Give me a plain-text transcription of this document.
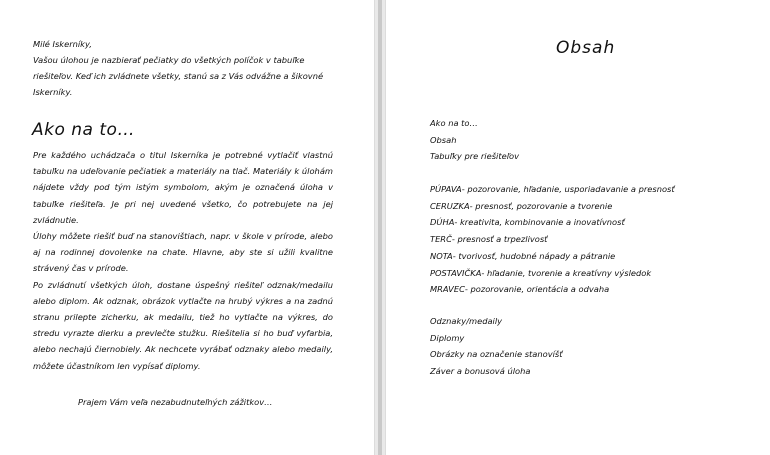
Milé Iskerníky,

Vašou úlohou je nazbierať pečiatky do všetkých políčok v tabuľke riešiteľov. Keď ich zvládnete všetky, stanú sa z Vás odvážne a šikovné Iskerníky.

Ako na to…

Pre každého uchádzača o titul Iskerníka je potrebné vytlačiť vlastnú tabuľku na udeľovanie pečiatiek a materiály na tlač. Materiály k úlohám nájdete vždy pod tým istým symbolom, akým je označená úloha v tabuľke riešiteľa. Je pri nej uvedené všetko, čo potrebujete na jej zvládnutie.

Úlohy môžete riešiť buď na stanovištiach, napr. v škole v prírode, alebo aj na rodinnej dovolenke na chate. Hlavne, aby ste si užili kvalitne strávený čas v prírode.

Po zvládnutí všetkých úloh, dostane úspešný riešiteľ odznak/medailu alebo diplom. Ak odznak, obrázok vytlačte na hrubý výkres a na zadnú stranu prilepte zicherku, ak medailu, tiež ho vytlačte na výkres, do stredu vyrazte dierku a prevlečte stužku. Riešitelia si ho buď vyfarbia, alebo nechajú čiernobiely. Ak nechcete vyrábať odznaky alebo medaily, môžete účastníkom len vypísať diplomy.

Prajem Vám veľa nezabudnuteľných zážitkov…
Obsah
Ako na to…
Obsah
Tabuľky pre riešiteľov
PÚPAVA- pozorovanie, hľadanie, usporiadavanie a presnosť
CERUZKA- presnosť, pozorovanie a tvorenie
DÚHA- kreativita, kombinovanie a inovatívnosť
TERČ- presnosť a trpezlivosť
NOTA- tvorivosť, hudobné nápady a pátranie
POSTAVIČKA- hľadanie, tvorenie a kreatívny výsledok
MRAVEC- pozorovanie, orientácia a odvaha
Odznaky/medaily
Diplomy
Obrázky na označenie stanovíšť
Záver a bonusová úloha
